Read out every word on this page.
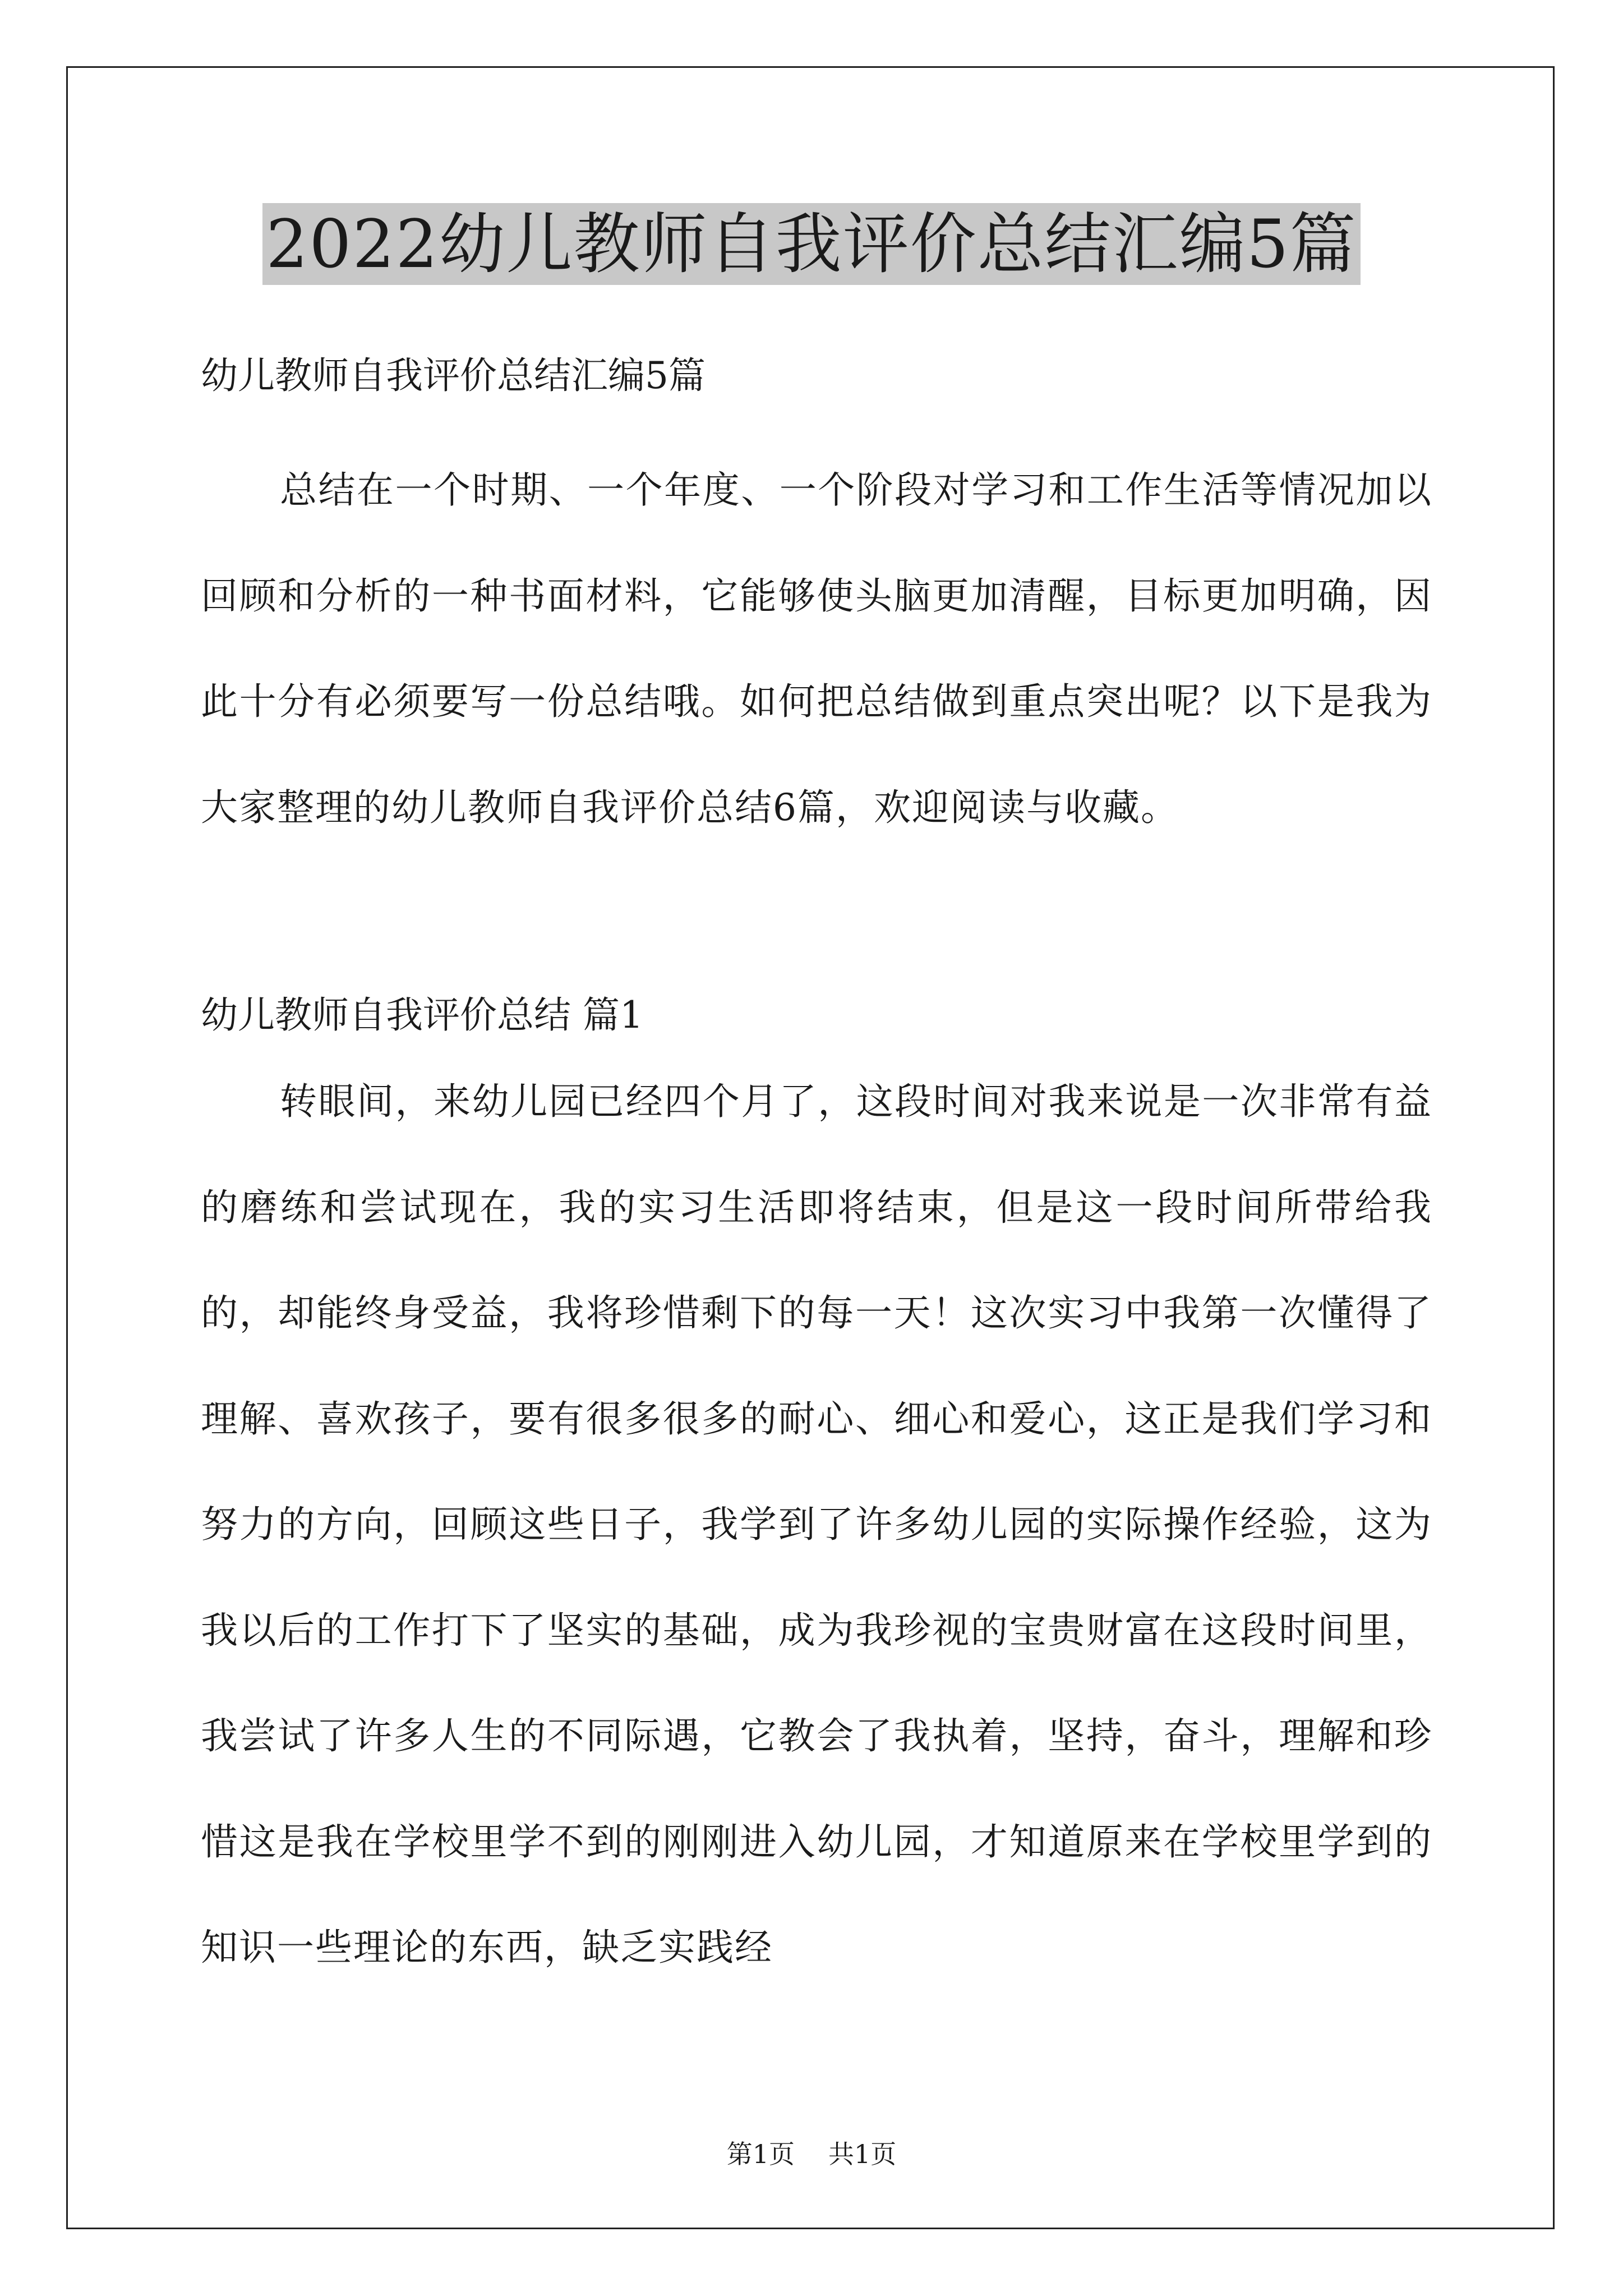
2022幼儿教师自我评价总结汇编5篇
幼儿教师自我评价总结汇编5篇

总结在一个时期、一个年度、一个阶段对学习和工作生活等情况加以回顾和分析的一种书面材料，它能够使头脑更加清醒，目标更加明确，因此十分有必须要写一份总结哦。如何把总结做到重点突出呢？以下是我为大家整理的幼儿教师自我评价总结6篇，欢迎阅读与收藏。

幼儿教师自我评价总结 篇1

转眼间，来幼儿园已经四个月了，这段时间对我来说是一次非常有益的磨练和尝试现在，我的实习生活即将结束，但是这一段时间所带给我的，却能终身受益，我将珍惜剩下的每一天！这次实习中我第一次懂得了理解、喜欢孩子，要有很多很多的耐心、细心和爱心，这正是我们学习和努力的方向，回顾这些日子，我学到了许多幼儿园的实际操作经验，这为我以后的工作打下了坚实的基础，成为我珍视的宝贵财富在这段时间里，我尝试了许多人生的不同际遇，它教会了我执着，坚持，奋斗，理解和珍惜这是我在学校里学不到的刚刚进入幼儿园，才知道原来在学校里学到的知识一些理论的东西，缺乏实践经

第1页 共1页
